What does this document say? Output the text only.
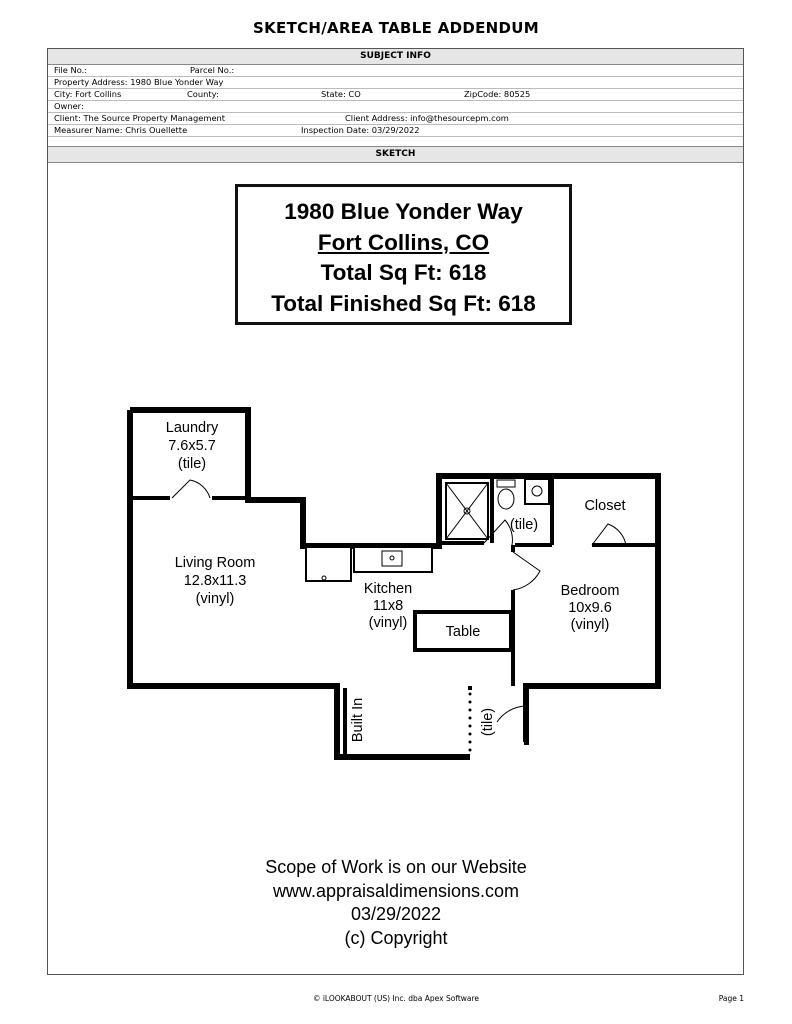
SKETCH/AREA TABLE ADDENDUM
SUBJECT INFO
File No.:	Parcel No.:
Property Address: 1980 Blue Yonder Way
City: Fort Collins	County:	State: CO	ZipCode: 80525
Owner:
Client: The Source Property Management	Client Address: info@thesourcepm.com
Measurer Name: Chris Ouellette	Inspection Date: 03/29/2022
SKETCH
1980 Blue Yonder Way
Fort Collins, CO
Total Sq Ft: 618
Total Finished Sq Ft: 618
Laundry
7.6x5.7
(tile)
Living Room
12.8x11.3
(vinyl)
Kitchen
11x8
(vinyl)
Bedroom
10x9.6
(vinyl)
Closet
(tile)
Table
Built In	(tile)
Scope of Work is on our Website
www.appraisaldimensions.com
03/29/2022
(c) Copyright
© iLOOKABOUT (US) Inc. dba Apex Software	Page 1
